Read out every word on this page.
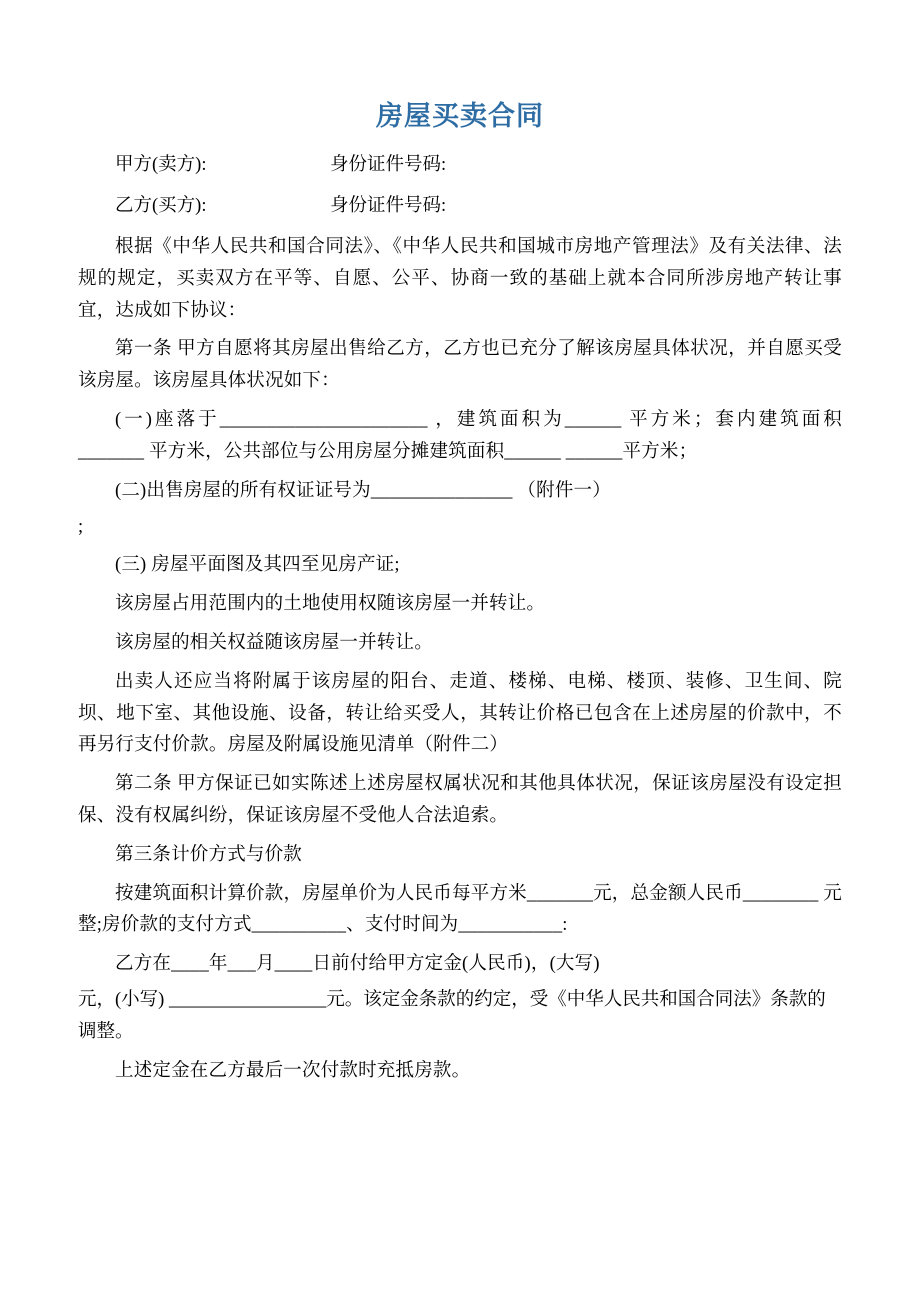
房屋买卖合同
甲方(卖方):	身份证件号码:
乙方(买方):	身份证件号码:

根据《中华人民共和国合同法》、《中华人民共和国城市房地产管理法》及有关法律、法规的规定，买卖双方在平等、自愿、公平、协商一致的基础上就本合同所涉房地产转让事宜，达成如下协议：

第一条 甲方自愿将其房屋出售给乙方，乙方也已充分了解该房屋具体状况，并自愿买受该房屋。该房屋具体状况如下：

(一)座落于______________________ ，建筑面积为______ 平方米；套内建筑面积_______ 平方米，公共部位与公用房屋分摊建筑面积______ ______平方米；

(二)出售房屋的所有权证证号为_______________ （附件一）

;

(三) 房屋平面图及其四至见房产证;

该房屋占用范围内的土地使用权随该房屋一并转让。

该房屋的相关权益随该房屋一并转让。

出卖人还应当将附属于该房屋的阳台、走道、楼梯、电梯、楼顶、装修、卫生间、院坝、地下室、其他设施、设备，转让给买受人，其转让价格已包含在上述房屋的价款中，不再另行支付价款。房屋及附属设施见清单（附件二）

第二条 甲方保证已如实陈述上述房屋权属状况和其他具体状况，保证该房屋没有设定担保、没有权属纠纷，保证该房屋不受他人合法追索。

第三条计价方式与价款

按建筑面积计算价款，房屋单价为人民币每平方米_______元，总金额人民币________ 元整;房价款的支付方式__________、支付时间为___________:

乙方在____年___月____日前付给甲方定金(人民币)，(大写)

元，(小写) _________________元。该定金条款的约定，受《中华人民共和国合同法》条款的调整。

上述定金在乙方最后一次付款时充抵房款。
